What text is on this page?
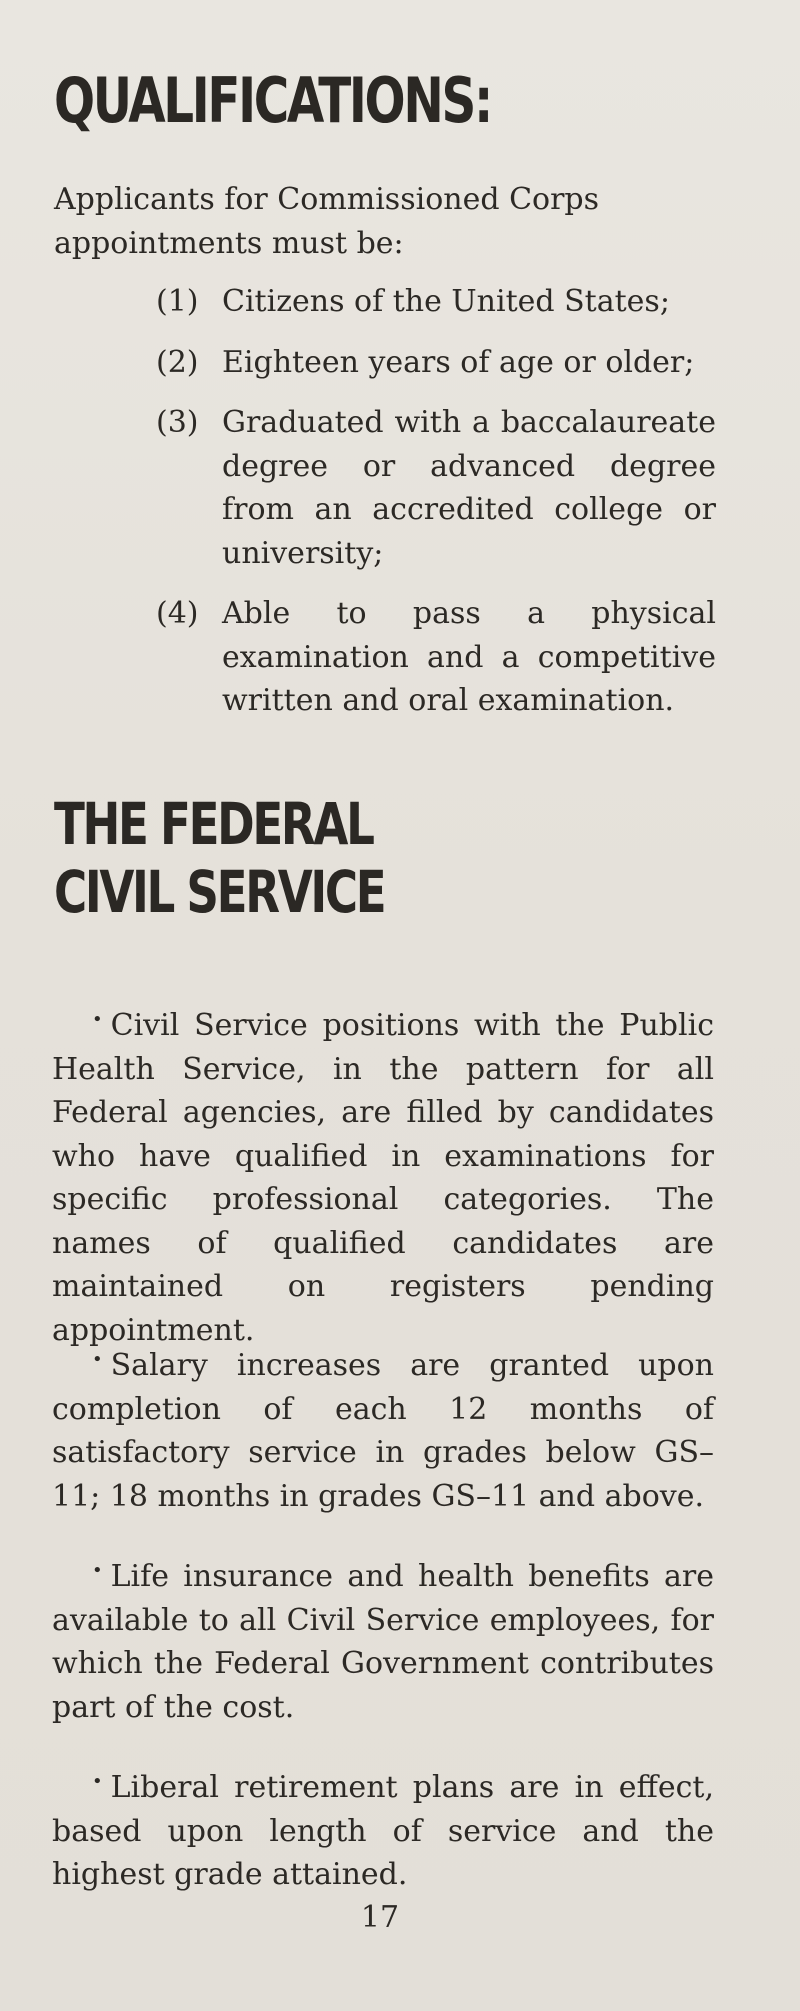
QUALIFICATIONS:

Applicants for Commissioned Corps appointments must be:

(1) Citizens of the United States;
(2) Eighteen years of age or older;
(3) Graduated with a baccalaureate degree or advanced degree from an accredited college or university;
(4) Able to pass a physical examination and a competitive written and oral examination.
THE FEDERAL
CIVIL SERVICE

• Civil Service positions with the Public Health Service, in the pattern for all Federal agencies, are filled by candidates who have qualified in examinations for specific professional categories. The names of qualified candidates are maintained on registers pending appointment.

• Salary increases are granted upon completion of each 12 months of satisfactory service in grades below GS–11; 18 months in grades GS–11 and above.

• Life insurance and health benefits are available to all Civil Service employees, for which the Federal Government contributes part of the cost.

• Liberal retirement plans are in effect, based upon length of service and the highest grade attained.

17
